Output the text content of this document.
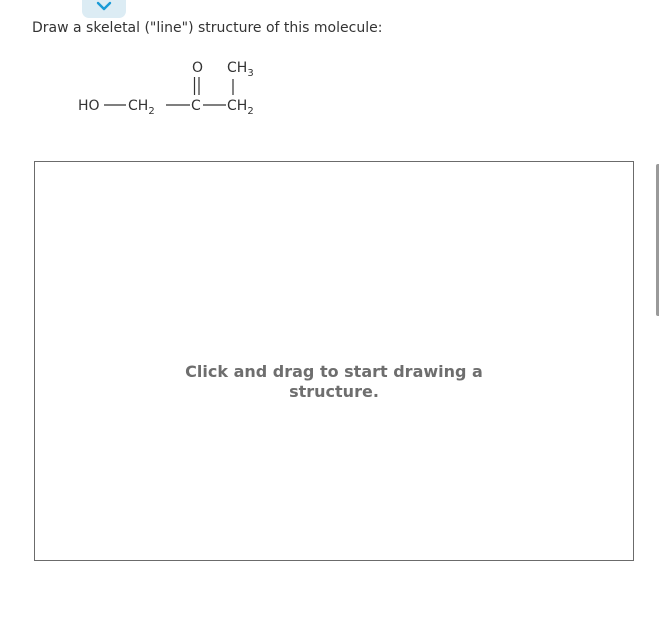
Draw a skeletal ("line") structure of this molecule:
HO $CH_2$	C
O
$CH_2$
$CH_3$
Click and drag to start drawing a
structure.
